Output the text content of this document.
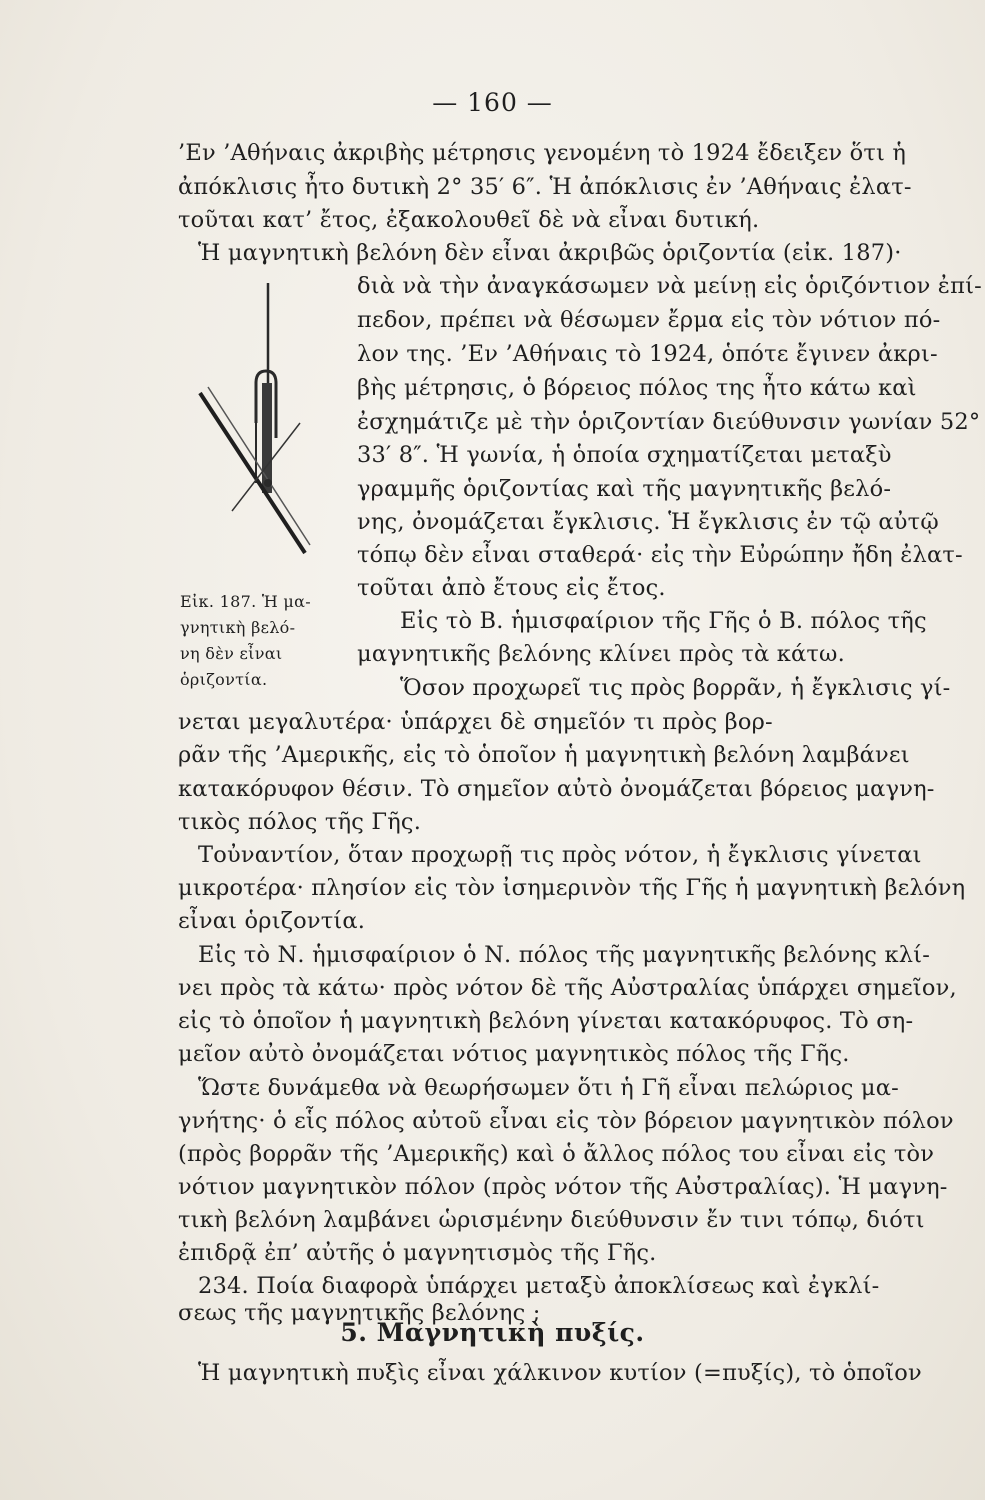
— 160 —
’Εν ’Αθήναις ἀκριβὴς μέτρησις γενομένη τὸ 1924 ἔδειξεν ὅτι ἡ
ἀπόκλισις ἦτο δυτικὴ 2° 35′ 6″. Ἡ ἀπόκλισις ἐν ’Αθήναις ἐλατ-
τοῦται κατ’ ἔτος, ἐξακολουθεῖ δὲ νὰ εἶναι δυτική.
Ἡ μαγνητικὴ βελόνη δὲν εἶναι ἀκριβῶς ὁριζοντία (εἰκ. 187)·
διὰ νὰ τὴν ἀναγκάσωμεν νὰ μείνῃ εἰς ὁριζόντιον ἐπί-
πεδον, πρέπει νὰ θέσωμεν ἔρμα εἰς τὸν νότιον πό-
λον της. ’Εν ’Αθήναις τὸ 1924, ὁπότε ἔγινεν ἀκρι-
βὴς μέτρησις, ὁ βόρειος πόλος της ἦτο κάτω καὶ
ἐσχημάτιζε μὲ τὴν ὁριζοντίαν διεύθυνσιν γωνίαν 52°
33′ 8″. Ἡ γωνία, ἡ ὁποία σχηματίζεται μεταξὺ
γραμμῆς ὁριζοντίας καὶ τῆς μαγνητικῆς βελό-
νης, ὀνομάζεται ἔγκλισις. Ἡ ἔγκλισις ἐν τῷ αὐτῷ
τόπῳ δὲν εἶναι σταθερά· εἰς τὴν Εὐρώπην ἤδη ἐλατ-
τοῦται ἀπὸ ἔτους εἰς ἔτος.
Εἰς τὸ Β. ἡμισφαίριον τῆς Γῆς ὁ Β. πόλος τῆς
μαγνητικῆς βελόνης κλίνει πρὸς τὰ κάτω.
Ὅσον προχωρεῖ τις πρὸς βορρᾶν, ἡ ἔγκλισις γί-
Εἰκ. 187. Ἡ μα-
γνητικὴ βελό-
νη δὲν εἶναι
ὁριζοντία.
νεται μεγαλυτέρα· ὑπάρχει δὲ σημεῖόν τι πρὸς βορ-
ρᾶν τῆς ’Αμερικῆς, εἰς τὸ ὁποῖον ἡ μαγνητικὴ βελόνη λαμβάνει
κατακόρυφον θέσιν. Τὸ σημεῖον αὐτὸ ὀνομάζεται βόρειος μαγνη-
τικὸς πόλος τῆς Γῆς.
Τοὐναντίον, ὅταν προχωρῇ τις πρὸς νότον, ἡ ἔγκλισις γίνεται
μικροτέρα· πλησίον εἰς τὸν ἰσημερινὸν τῆς Γῆς ἡ μαγνητικὴ βελόνη
εἶναι ὁριζοντία.
Εἰς τὸ Ν. ἡμισφαίριον ὁ Ν. πόλος τῆς μαγνητικῆς βελόνης κλί-
νει πρὸς τὰ κάτω· πρὸς νότον δὲ τῆς Αὐστραλίας ὑπάρχει σημεῖον,
εἰς τὸ ὁποῖον ἡ μαγνητικὴ βελόνη γίνεται κατακόρυφος. Τὸ ση-
μεῖον αὐτὸ ὀνομάζεται νότιος μαγνητικὸς πόλος τῆς Γῆς.
Ὥστε δυνάμεθα νὰ θεωρήσωμεν ὅτι ἡ Γῆ εἶναι πελώριος μα-
γνήτης· ὁ εἷς πόλος αὐτοῦ εἶναι εἰς τὸν βόρειον μαγνητικὸν πόλον
(πρὸς βορρᾶν τῆς ’Αμερικῆς) καὶ ὁ ἄλλος πόλος του εἶναι εἰς τὸν
νότιον μαγνητικὸν πόλον (πρὸς νότον τῆς Αὐστραλίας). Ἡ μαγνη-
τικὴ βελόνη λαμβάνει ὡρισμένην διεύθυνσιν ἔν τινι τόπῳ, διότι
ἐπιδρᾷ ἐπ’ αὐτῆς ὁ μαγνητισμὸς τῆς Γῆς.
234. Ποία διαφορὰ ὑπάρχει μεταξὺ ἀποκλίσεως καὶ ἐγκλί-
σεως τῆς μαγνητικῆς βελόνης ;
5. Μαγνητικὴ πυξίς.
Ἡ μαγνητικὴ πυξὶς εἶναι χάλκινον κυτίον (=πυξίς), τὸ ὁποῖον
